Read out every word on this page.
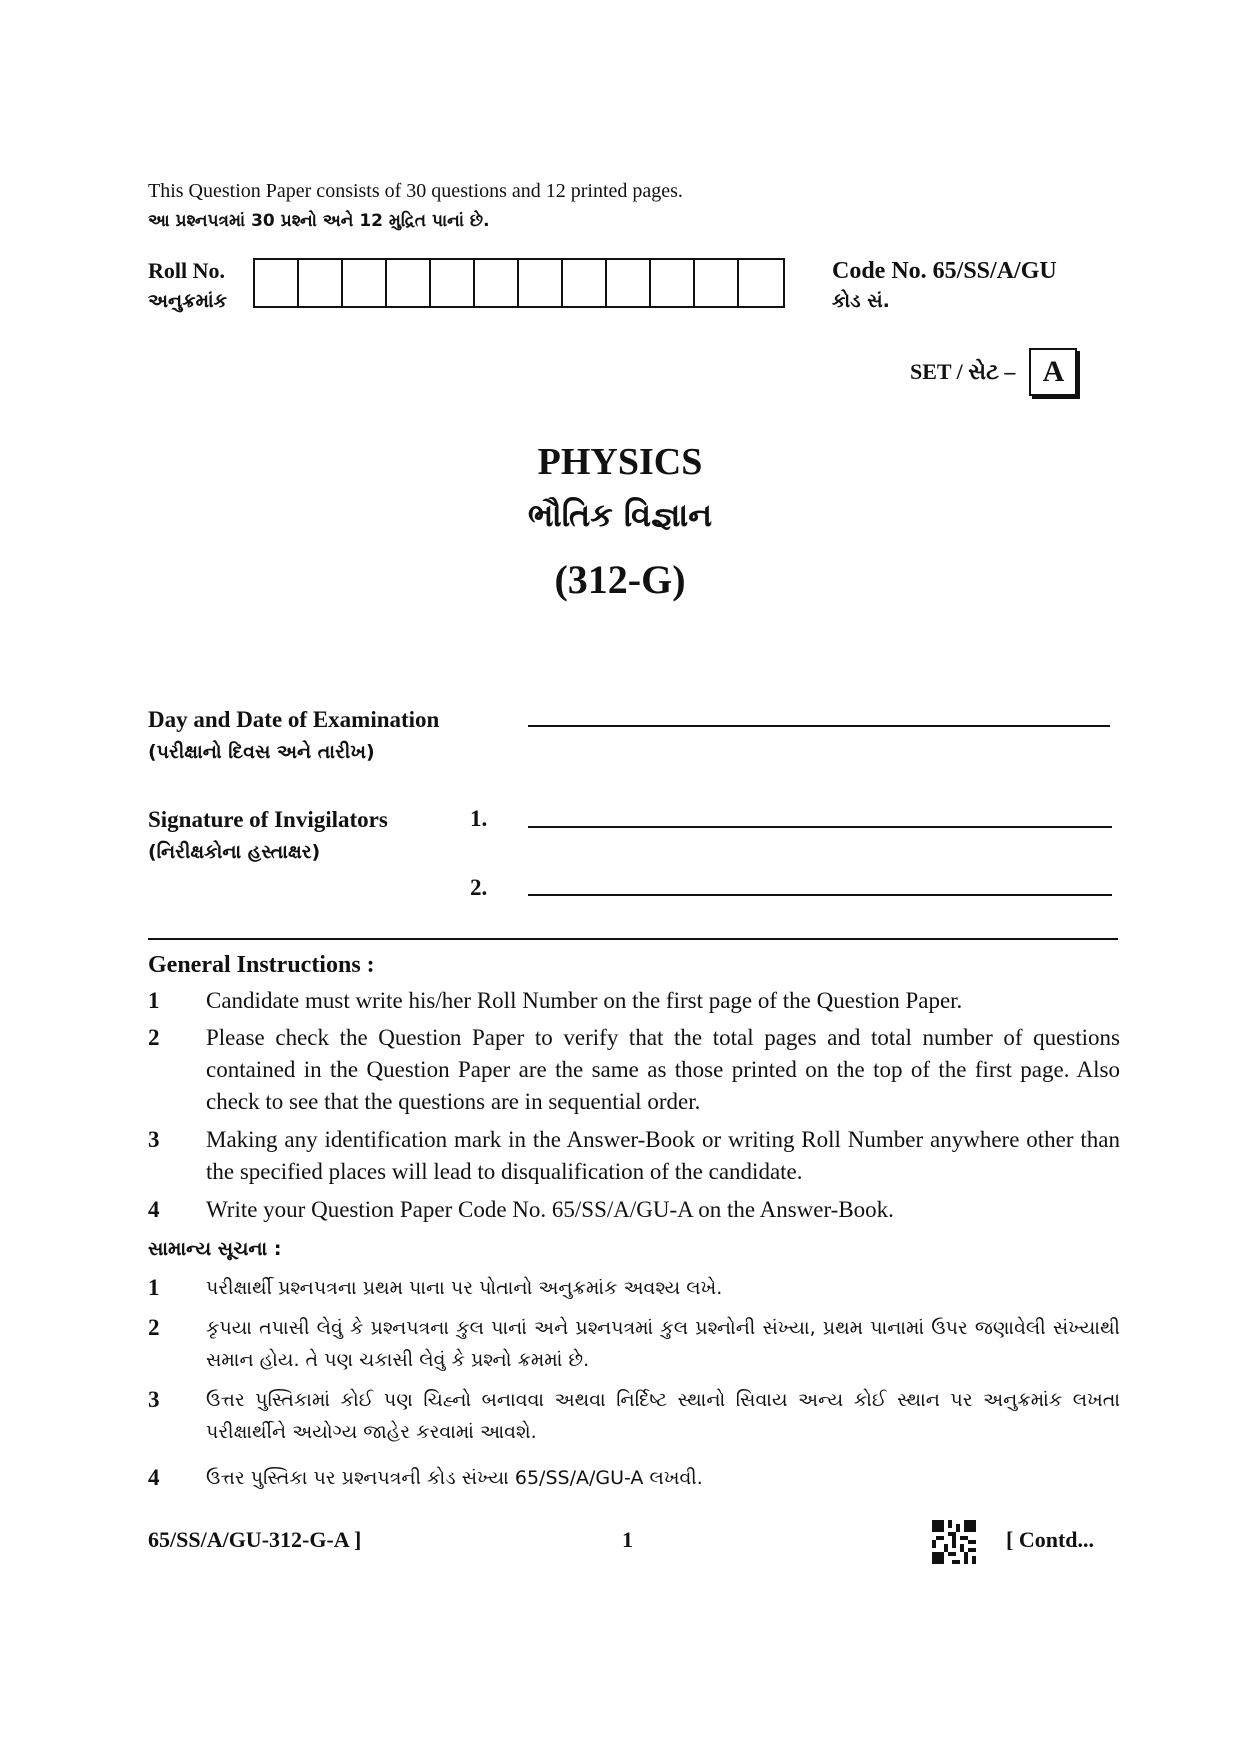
This Question Paper consists of 30 questions and 12 printed pages.
આ પ્રશ્નપત્રમાં 30 પ્રશ્નો અને 12 મુદ્રિત પાનાં છે.
Roll No.
અનુક્રમાંક
Code No. 65/SS/A/GU
કોડ સં.
SET / સેટ – A
PHYSICS
ભૌતિક વિજ્ઞાન
(312-G)
Day and Date of Examination
(પરીક્ષાનો દિવસ અને તારીખ)
Signature of Invigilators
(નિરીક્ષકોના હસ્તાક્ષર)
1.
2.
General Instructions :
1	Candidate must write his/her Roll Number on the first page of the Question Paper.
2	Please check the Question Paper to verify that the total pages and total number of questions contained in the Question Paper are the same as those printed on the top of the first page. Also check to see that the questions are in sequential order.
3	Making any identification mark in the Answer-Book or writing Roll Number anywhere other than the specified places will lead to disqualification of the candidate.
4	Write your Question Paper Code No. 65/SS/A/GU-A on the Answer-Book.
સામાન્ય સૂચના :
1	પરીક્ષાર્થી પ્રશ્નપત્રના પ્રથમ પાના પર પોતાનો અનુક્રમાંક અવશ્ય લખે.
2	કૃપયા તપાસી લેવું કે પ્રશ્નપત્રના કુલ પાનાં અને પ્રશ્નપત્રમાં કુલ પ્રશ્નોની સંખ્યા, પ્રથમ પાનામાં ઉપર જણાવેલી સંખ્યાથી સમાન હોય. તે પણ ચકાસી લેવું કે પ્રશ્નો ક્રમમાં છે.
3	ઉત્તર પુસ્તિકામાં કોઈ પણ ચિહ્નો બનાવવા અથવા નિર્દિષ્ટ સ્થાનો સિવાય અન્ય કોઈ સ્થાન પર અનુક્રમાંક લખતા પરીક્ષાર્થીને અયોગ્ય જાહેર કરવામાં આવશે.
4	ઉત્તર પુસ્તિકા પર પ્રશ્નપત્રની કોડ સંખ્યા 65/SS/A/GU-A લખવી.
65/SS/A/GU-312-G-A ]	1	[ Contd...
